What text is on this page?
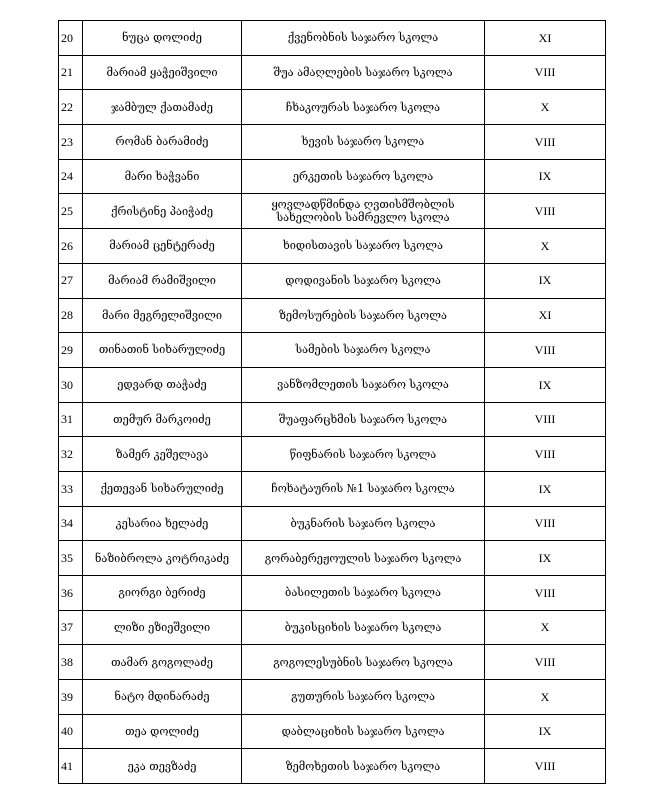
20	ნუცა დოლიძე	ქვენობნის საჯარო სკოლა	XI
21	მარიამ ყაჭეიშვილი	შუა ამაღლების საჯარო სკოლა	VIII
22	ჯამბულ ქათამაძე	ჩხაკოურას საჯარო სკოლა	X
23	რომან ბარამიძე	ხევის საჯარო სკოლა	VIII
24	მარი ხაჭვანი	ერკეთის საჯარო სკოლა	IX
25	ქრისტინე პაიჭაძე	ყოვლადწმინდა ღვთისმშობლის სახელობის სამრევლო სკოლა	VIII
26	მარიამ ცენტერაძე	ხიდისთავის საჯარო სკოლა	X
27	მარიამ რამიშვილი	დოდივანის საჯარო სკოლა	IX
28	მარი მეგრელიშვილი	ზემოსურების საჯარო სკოლა	XI
29	თინათინ სიხარულიძე	სამების საჯარო სკოლა	VIII
30	ედვარდ თაჭაძე	ვანზომლეთის საჯარო სკოლა	IX
31	თემურ მარკოიძე	შუაფარცხმის საჯარო სკოლა	VIII
32	ზამერ კეშელავა	წიფნარის საჯარო სკოლა	VIII
33	ქეთევან სიხარულიძე	ჩოხატაურის №1 საჯარო სკოლა	IX
34	კესარია ხელაძე	ბუკნარის საჯარო სკოლა	VIII
35	ნაზიბროლა კოტრიკაძე	გორაბერეჟოულის საჯარო სკოლა	IX
36	გიორგი ბერიძე	ბასილეთის საჯარო სკოლა	VIII
37	ლიზი ეზიეშვილი	ბუკისციხის საჯარო სკოლა	X
38	თამარ გოგოლაძე	გოგოლესუბნის საჯარო სკოლა	VIII
39	ნატო მდინარაძე	გუთურის საჯარო სკოლა	X
40	თეა დოლიძე	დაბლაციხის საჯარო სკოლა	IX
41	ეკა თევზაძე	ზემოხეთის საჯარო სკოლა	VIII
